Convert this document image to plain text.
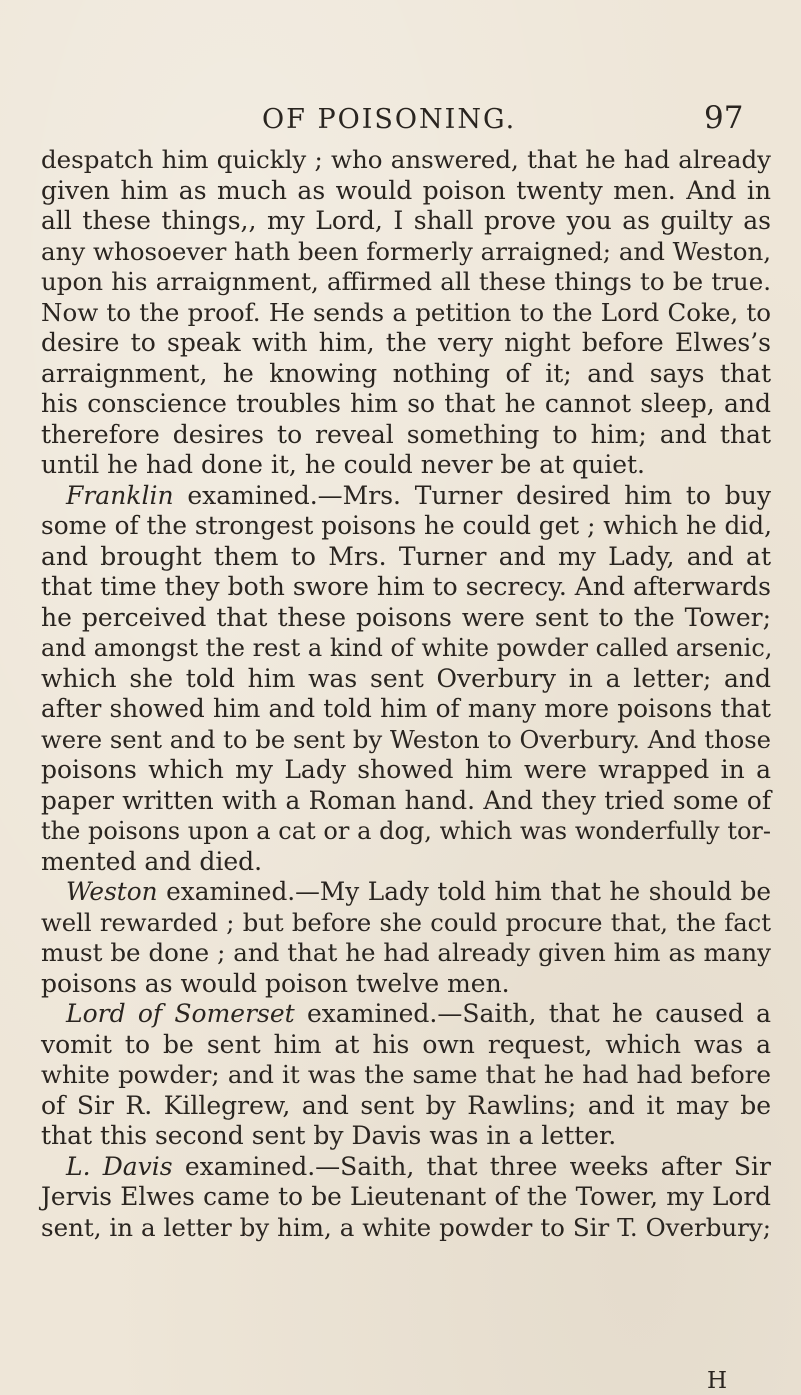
OF POISONING.	97
despatch him quickly ; who answered, that he had already
given him as much as would poison twenty men. And in
all these things,, my Lord, I shall prove you as guilty as
any whosoever hath been formerly arraigned; and Weston,
upon his arraignment, affirmed all these things to be true.
Now to the proof. He sends a petition to the Lord Coke, to
desire to speak with him, the very night before Elwes’s
arraignment, he knowing nothing of it; and says that
his conscience troubles him so that he cannot sleep, and
therefore desires to reveal something to him; and that
until he had done it, he could never be at quiet.
Franklin examined.—Mrs. Turner desired him to buy
some of the strongest poisons he could get ; which he did,
and brought them to Mrs. Turner and my Lady, and at
that time they both swore him to secrecy. And afterwards
he perceived that these poisons were sent to the Tower;
and amongst the rest a kind of white powder called arsenic,
which she told him was sent Overbury in a letter; and
after showed him and told him of many more poisons that
were sent and to be sent by Weston to Overbury. And those
poisons which my Lady showed him were wrapped in a
paper written with a Roman hand. And they tried some of
the poisons upon a cat or a dog, which was wonderfully tor-
mented and died.
Weston examined.—My Lady told him that he should be
well rewarded ; but before she could procure that, the fact
must be done ; and that he had already given him as many
poisons as would poison twelve men.
Lord of Somerset examined.—Saith, that he caused a
vomit to be sent him at his own request, which was a
white powder; and it was the same that he had had before
of Sir R. Killegrew, and sent by Rawlins; and it may be
that this second sent by Davis was in a letter.
L. Davis examined.—Saith, that three weeks after Sir
Jervis Elwes came to be Lieutenant of the Tower, my Lord
sent, in a letter by him, a white powder to Sir T. Overbury;
H
